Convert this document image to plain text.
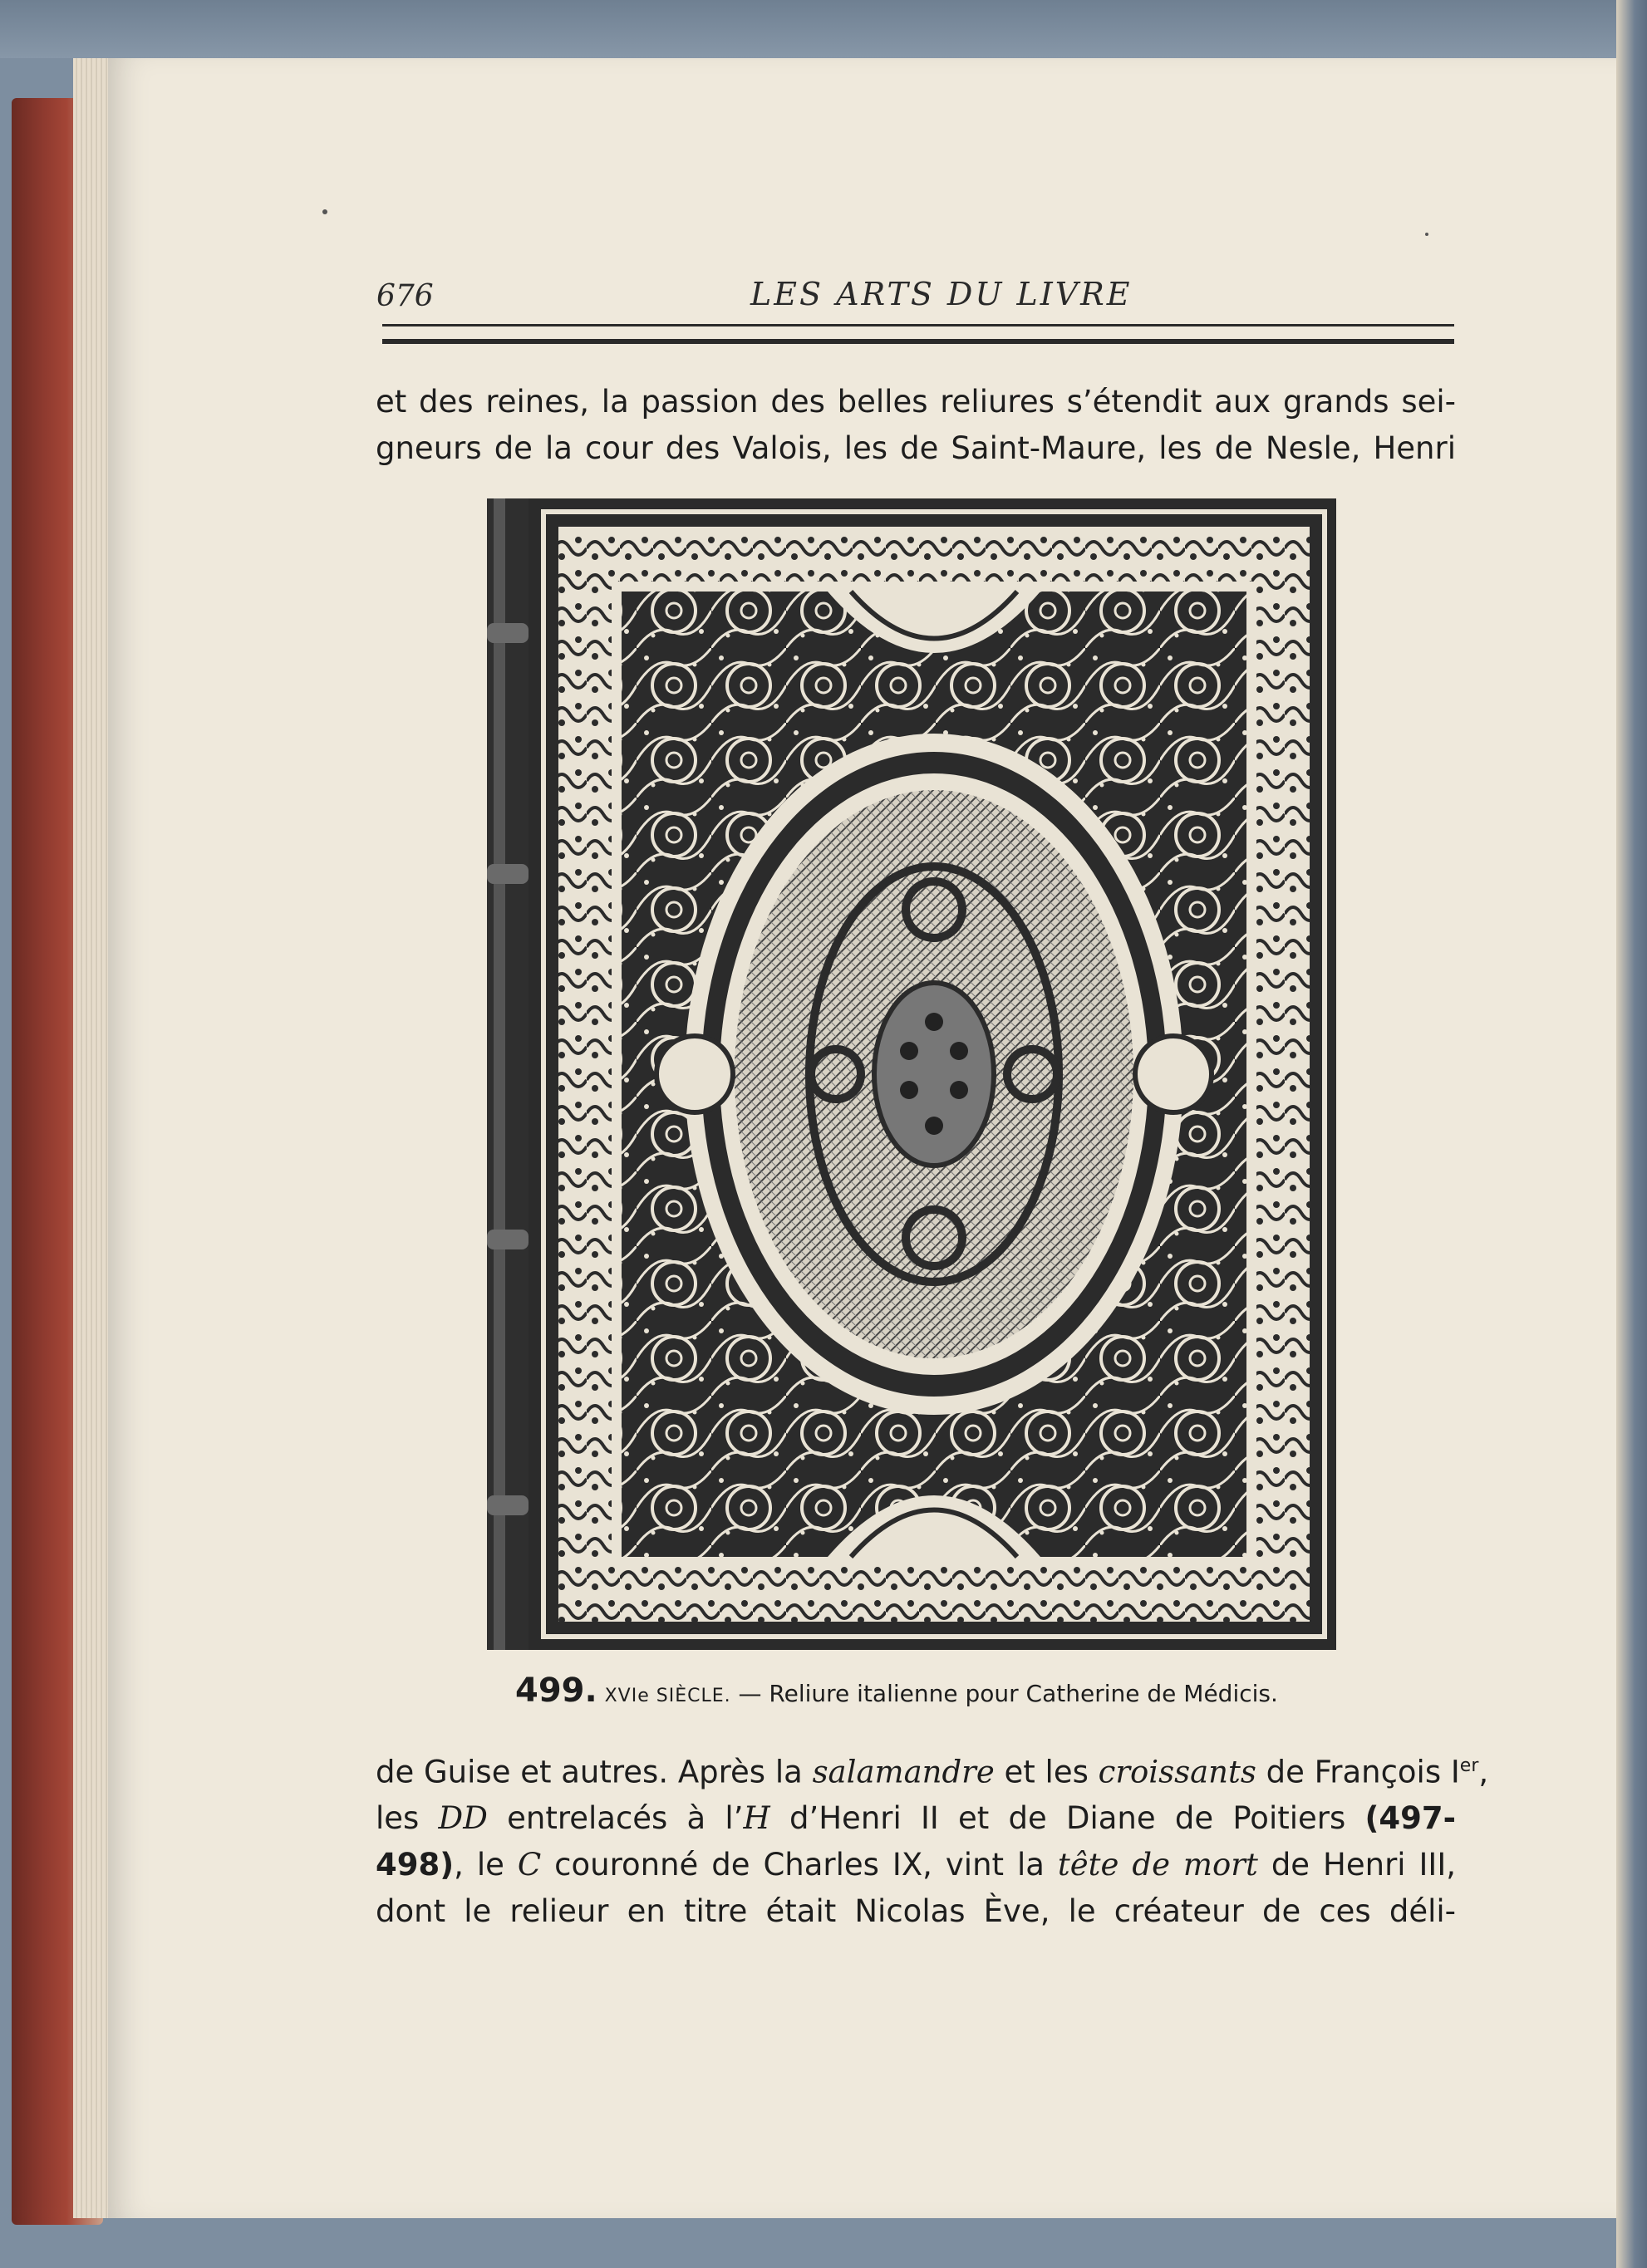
676	LES ARTS DU LIVRE
et des reines, la passion des belles reliures s’étendit aux grands sei-
gneurs de la cour des Valois, les de Saint-Maure, les de Nesle, Henri
499. XVIe SIÈCLE. — Reliure italienne pour Catherine de Médicis.
de Guise et autres. Après la salamandre et les croissants de François Ier,
les DD entrelacés à l’H d’Henri II et de Diane de Poitiers (497-
498), le C couronné de Charles IX, vint la tête de mort de Henri III,
dont le relieur en titre était Nicolas Ève, le créateur de ces déli-
